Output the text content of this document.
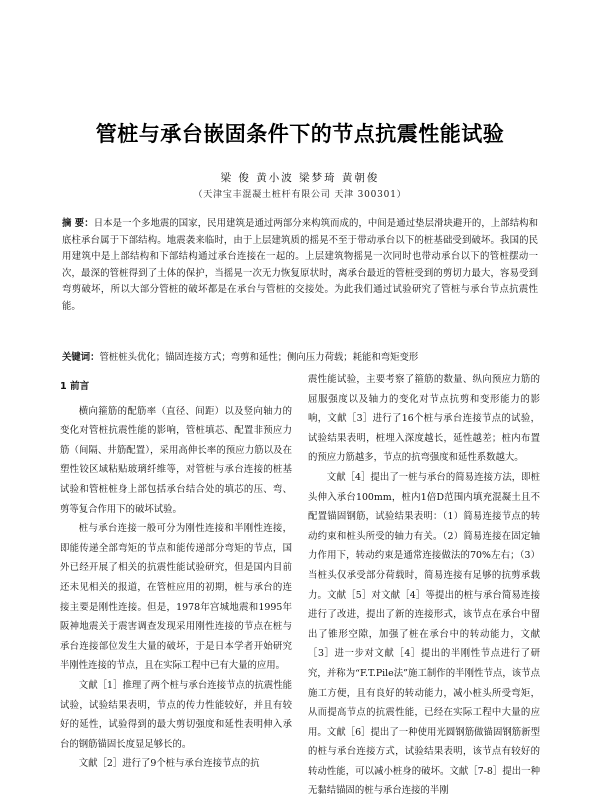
管桩与承台嵌固条件下的节点抗震性能试验
梁 俊 黄小波 梁梦琦 黄朝俊
（天津宝丰混凝土桩杆有限公司 天津 300301）
摘 要：日本是一个多地震的国家，民用建筑是通过两部分来构筑而成的，中间是通过垫层滑块避开的，上部结构和底柱承台属于下部结构。地震袭来临时，由于上层建筑质的摇晃不至于带动承台以下的桩基础受到破坏。我国的民用建筑中是上部结构和下部结构通过承台连接在一起的。上层建筑物摇晃一次同时也带动承台以下的管桩摆动一次，最深的管桩得到了土体的保护，当摇晃一次无力恢复原状时，离承台最近的管桩受到的剪切力最大，容易受到弯剪破坏，所以大部分管桩的破坏都是在承台与管桩的交接处。为此我们通过试验研究了管桩与承台节点抗震性能。
关键词：管桩桩头优化；锚固连接方式；弯剪和延性；侧向压力荷载；耗能和弯矩变形
1 前言

横向箍筋的配筋率（直径、间距）以及竖向轴力的变化对管桩抗震性能的影响，管桩填芯、配置非预应力筋（间隔、井筋配置），采用高伸长率的预应力筋以及在塑性铰区域粘贴玻璃纤维等，对管桩与承台连接的桩基试验和管桩桩身上部包括承台结合处的填芯的压、弯、剪等复合作用下的破坏试验。

桩与承台连接一般可分为刚性连接和半刚性连接，即能传递全部弯矩的节点和能传递部分弯矩的节点，国外已经开展了相关的抗震性能试验研究，但是国内目前还未见相关的报道，在管桩应用的初期，桩与承台的连接主要是刚性连接。但是，1978年宫城地震和1995年阪神地震关于震害调查发现采用刚性连接的节点在桩与承台连接部位发生大量的破坏，于是日本学者开始研究半刚性连接的节点，且在实际工程中已有大量的应用。

文献［1］推理了两个桩与承台连接节点的抗震性能试验，试验结果表明，节点的传力性能较好，并且有较好的延性，试验得到的最大剪切强度和延性表明伸入承台的钢筋锚固长度显足够长的。

文献［2］进行了9个桩与承台连接节点的抗

震性能试验，主要考察了箍筋的数量、纵向预应力筋的屈服强度以及轴力的变化对节点抗剪和变形能力的影响，文献［3］进行了16个桩与承台连接节点的试验，试验结果表明，桩埋入深度越长，延性越差；桩内布置的预应力筋越多，节点的抗弯强度和延性系数越大。

文献［4］提出了一桩与承台的简易连接方法，即桩头伸入承台100mm，桩内1倍D范围内填充混凝土且不配置锚固钢筋，试验结果表明：（1）简易连接节点的转动约束和桩头所受的轴力有关。（2）简易连接在固定轴力作用下，转动约束是通常连接做法的70%左右；（3）当桩头仅承受部分荷载时，简易连接有足够的抗剪承载力。文献［5］对文献［4］等提出的桩与承台简易连接进行了改进，提出了新的连接形式，该节点在承台中留出了锥形空隙，加强了桩在承台中的转动能力，文献［3］进一步对文献［4］提出的半刚性节点进行了研究，并称为“F.T.Pile法”施工制作的半刚性节点，该节点施工方便，且有良好的转动能力，减小桩头所受弯矩，从而提高节点的抗震性能，已经在实际工程中大量的应用。文献［6］提出了一种使用光圆钢筋做锚固钢筋新型的桩与承台连接方式，试验结果表明，该节点有较好的转动性能，可以减小桩身的破坏。文献［7-8］提出一种无黏结锚固的桩与承台连接的半刚
